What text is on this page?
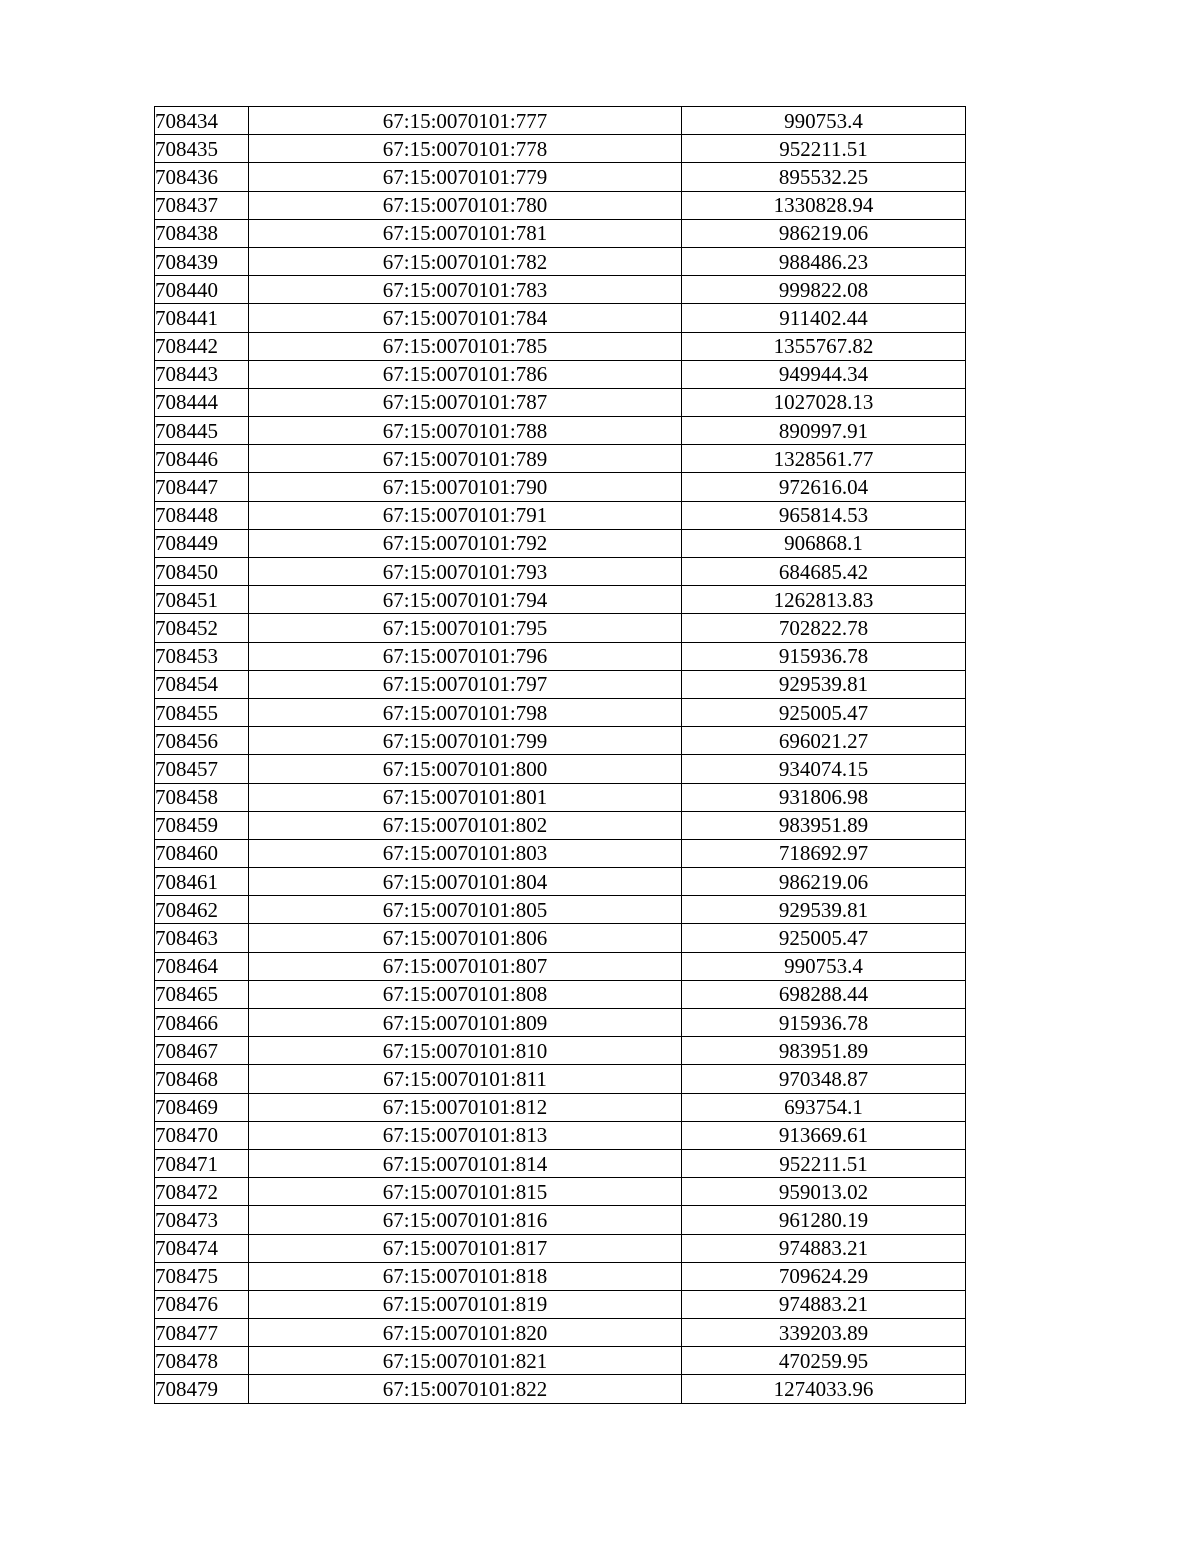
708434	67:15:0070101:777	990753.4
708435	67:15:0070101:778	952211.51
708436	67:15:0070101:779	895532.25
708437	67:15:0070101:780	1330828.94
708438	67:15:0070101:781	986219.06
708439	67:15:0070101:782	988486.23
708440	67:15:0070101:783	999822.08
708441	67:15:0070101:784	911402.44
708442	67:15:0070101:785	1355767.82
708443	67:15:0070101:786	949944.34
708444	67:15:0070101:787	1027028.13
708445	67:15:0070101:788	890997.91
708446	67:15:0070101:789	1328561.77
708447	67:15:0070101:790	972616.04
708448	67:15:0070101:791	965814.53
708449	67:15:0070101:792	906868.1
708450	67:15:0070101:793	684685.42
708451	67:15:0070101:794	1262813.83
708452	67:15:0070101:795	702822.78
708453	67:15:0070101:796	915936.78
708454	67:15:0070101:797	929539.81
708455	67:15:0070101:798	925005.47
708456	67:15:0070101:799	696021.27
708457	67:15:0070101:800	934074.15
708458	67:15:0070101:801	931806.98
708459	67:15:0070101:802	983951.89
708460	67:15:0070101:803	718692.97
708461	67:15:0070101:804	986219.06
708462	67:15:0070101:805	929539.81
708463	67:15:0070101:806	925005.47
708464	67:15:0070101:807	990753.4
708465	67:15:0070101:808	698288.44
708466	67:15:0070101:809	915936.78
708467	67:15:0070101:810	983951.89
708468	67:15:0070101:811	970348.87
708469	67:15:0070101:812	693754.1
708470	67:15:0070101:813	913669.61
708471	67:15:0070101:814	952211.51
708472	67:15:0070101:815	959013.02
708473	67:15:0070101:816	961280.19
708474	67:15:0070101:817	974883.21
708475	67:15:0070101:818	709624.29
708476	67:15:0070101:819	974883.21
708477	67:15:0070101:820	339203.89
708478	67:15:0070101:821	470259.95
708479	67:15:0070101:822	1274033.96
